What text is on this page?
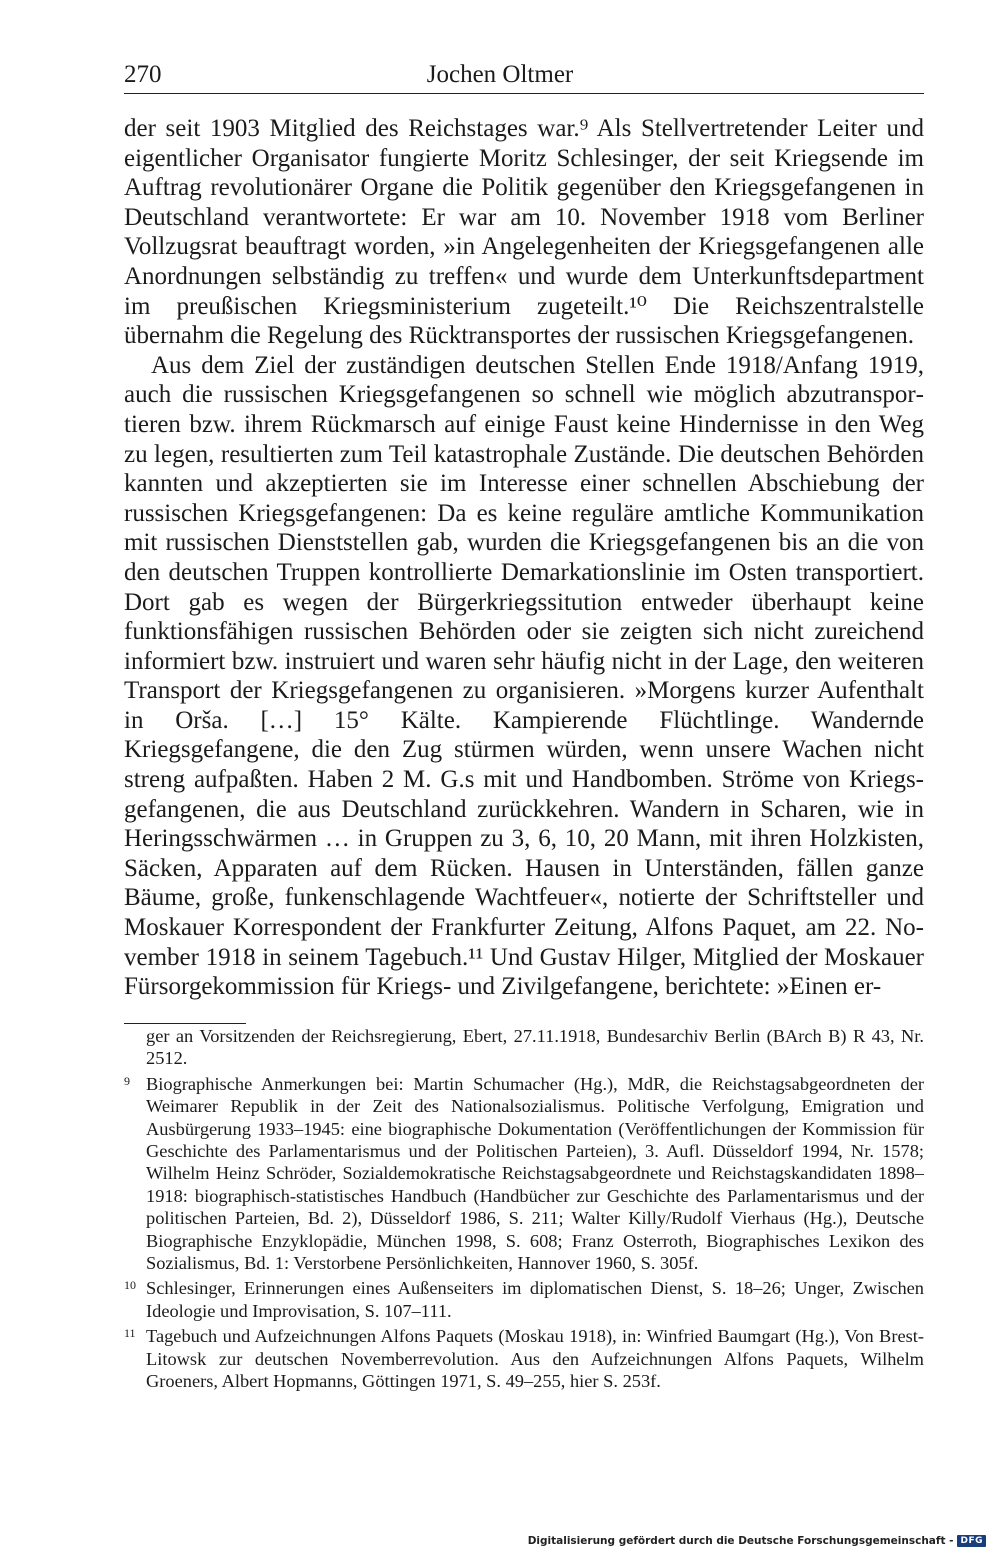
270	Jochen Oltmer

der seit 1903 Mitglied des Reichstages war.⁹ Als Stellvertretender Leiter und eigentlicher Organisator fungierte Moritz Schlesinger, der seit Kriegsende im Auftrag revolutionärer Organe die Politik gegenüber den Kriegsgefangenen in Deutschland verantwortete: Er war am 10. November 1918 vom Berliner Vollzugsrat beauftragt worden, »in Angelegenheiten der Kriegsgefangenen alle Anordnungen selbständig zu treffen« und wurde dem Unterkunftsdepartment im preußischen Kriegsministerium zugeteilt.¹⁰ Die Reichszentralstelle übernahm die Regelung des Rücktransportes der russischen Kriegsgefangenen.

Aus dem Ziel der zuständigen deutschen Stellen Ende 1918/Anfang 1919, auch die russischen Kriegsgefangenen so schnell wie möglich abzutransportieren bzw. ihrem Rückmarsch auf einige Faust keine Hindernisse in den Weg zu legen, resultierten zum Teil katastrophale Zustände. Die deutschen Behörden kannten und akzeptierten sie im Interesse einer schnellen Abschiebung der russischen Kriegsgefangenen: Da es keine reguläre amtliche Kommunikation mit russischen Dienststellen gab, wurden die Kriegsgefangenen bis an die von den deutschen Truppen kontrollierte Demarkationslinie im Osten transportiert. Dort gab es wegen der Bürgerkriegssitution entweder überhaupt keine funktionsfähigen russischen Behörden oder sie zeigten sich nicht zureichend informiert bzw. instruiert und waren sehr häufig nicht in der Lage, den weiteren Transport der Kriegsgefangenen zu organisieren. »Morgens kurzer Aufenthalt in Orša. […] 15° Kälte. Kampierende Flüchtlinge. Wandernde Kriegsgefangene, die den Zug stürmen würden, wenn unsere Wachen nicht streng aufpaßten. Haben 2 M. G.s mit und Handbomben. Ströme von Kriegsgefangenen, die aus Deutschland zurückkehren. Wandern in Scharen, wie in Heringsschwärmen … in Gruppen zu 3, 6, 10, 20 Mann, mit ihren Holzkisten, Säcken, Apparaten auf dem Rücken. Hausen in Unterständen, fällen ganze Bäume, große, funkenschlagende Wachtfeuer«, notierte der Schriftsteller und Moskauer Korrespondent der Frankfurter Zeitung, Alfons Paquet, am 22. November 1918 in seinem Tagebuch.¹¹ Und Gustav Hilger, Mitglied der Moskauer Fürsorgekommission für Kriegs- und Zivilgefangene, berichtete: »Einen er-

ger an Vorsitzenden der Reichsregierung, Ebert, 27.11.1918, Bundesarchiv Berlin (BArch B) R 43, Nr. 2512.
9 Biographische Anmerkungen bei: Martin Schumacher (Hg.), MdR, die Reichstagsabgeordneten der Weimarer Republik in der Zeit des Nationalsozialismus. Politische Verfolgung, Emigration und Ausbürgerung 1933–1945: eine biographische Dokumentation (Veröffentlichungen der Kommission für Geschichte des Parlamentarismus und der Politischen Parteien), 3. Aufl. Düsseldorf 1994, Nr. 1578; Wilhelm Heinz Schröder, Sozialdemokratische Reichstagsabgeordnete und Reichstagskandidaten 1898–1918: biographisch-statistisches Handbuch (Handbücher zur Geschichte des Parlamentarismus und der politischen Parteien, Bd. 2), Düsseldorf 1986, S. 211; Walter Killy/Rudolf Vierhaus (Hg.), Deutsche Biographische Enzyklopädie, München 1998, S. 608; Franz Osterroth, Biographisches Lexikon des Sozialismus, Bd. 1: Verstorbene Persönlichkeiten, Hannover 1960, S. 305f.
10 Schlesinger, Erinnerungen eines Außenseiters im diplomatischen Dienst, S. 18–26; Unger, Zwischen Ideologie und Improvisation, S. 107–111.
11 Tagebuch und Aufzeichnungen Alfons Paquets (Moskau 1918), in: Winfried Baumgart (Hg.), Von Brest-Litowsk zur deutschen Novemberrevolution. Aus den Aufzeichnungen Alfons Paquets, Wilhelm Groeners, Albert Hopmanns, Göttingen 1971, S. 49–255, hier S. 253f.
Digitalisierung gefördert durch die Deutsche Forschungsgemeinschaft - DFG
